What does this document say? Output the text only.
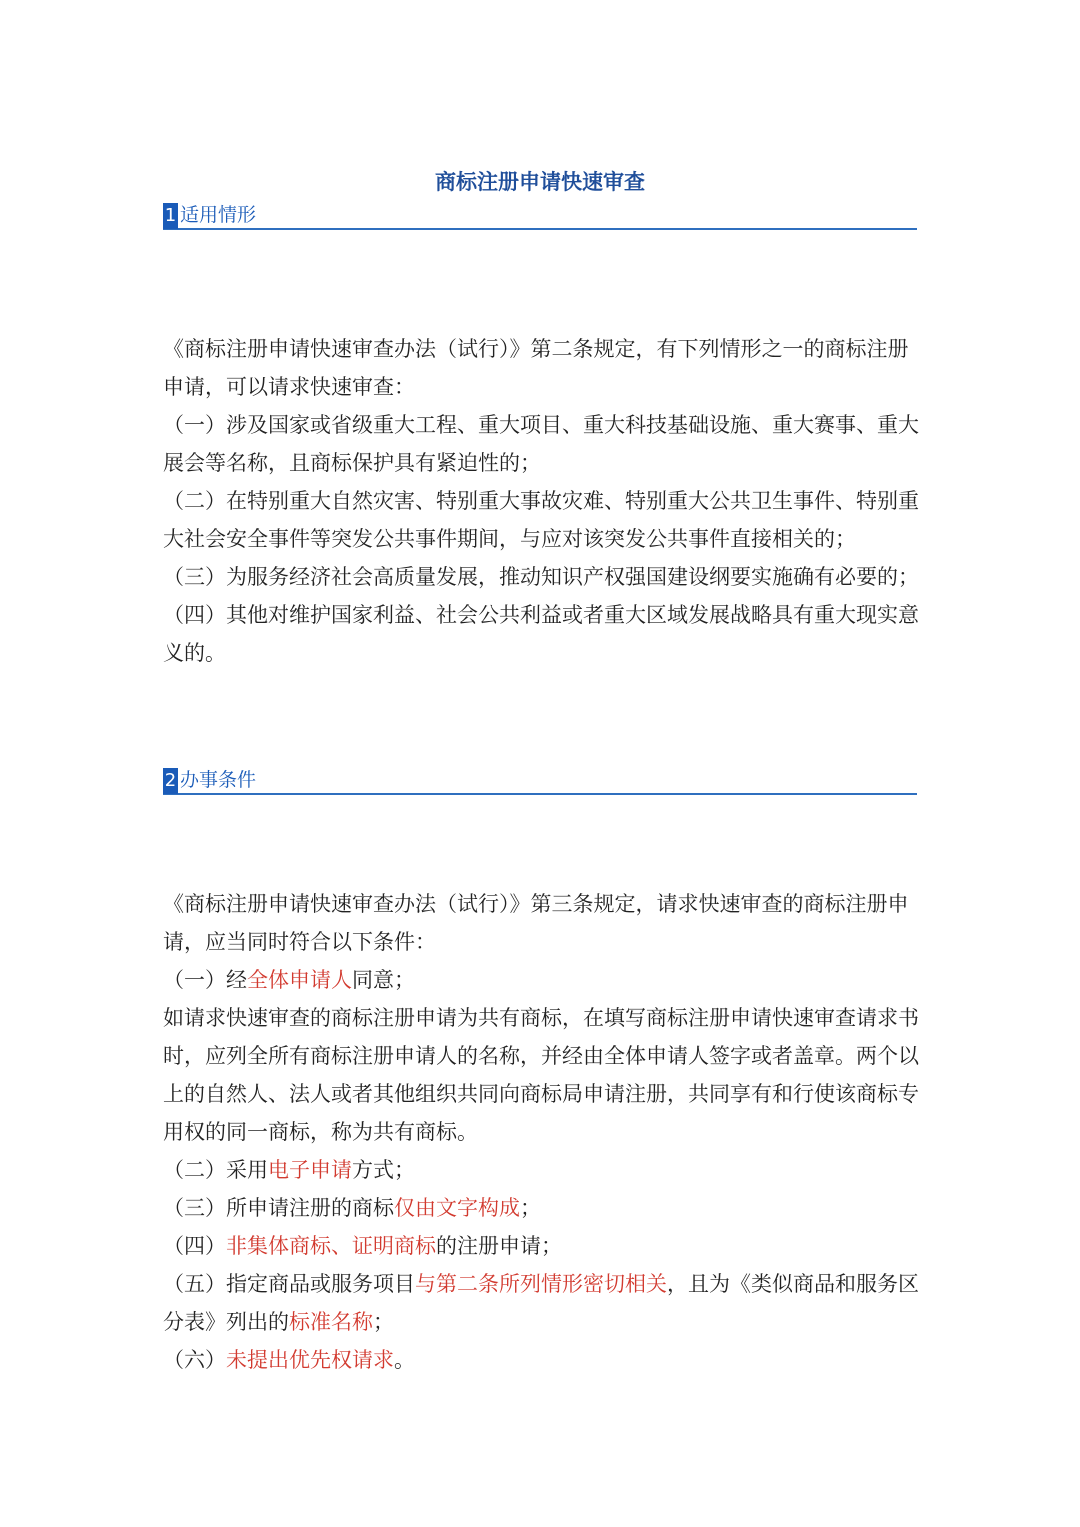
商标注册申请快速审查
1 适用情形

《商标注册申请快速审查办法（试行）》第二条规定，有下列情形之一的商标注册申请，可以请求快速审查：

（一）涉及国家或省级重大工程、重大项目、重大科技基础设施、重大赛事、重大展会等名称，且商标保护具有紧迫性的；

（二）在特别重大自然灾害、特别重大事故灾难、特别重大公共卫生事件、特别重大社会安全事件等突发公共事件期间，与应对该突发公共事件直接相关的；

（三）为服务经济社会高质量发展，推动知识产权强国建设纲要实施确有必要的；

（四）其他对维护国家利益、社会公共利益或者重大区域发展战略具有重大现实意义的。

2 办事条件

《商标注册申请快速审查办法（试行）》第三条规定，请求快速审查的商标注册申请，应当同时符合以下条件：

（一）经全体申请人同意；

如请求快速审查的商标注册申请为共有商标，在填写商标注册申请快速审查请求书时，应列全所有商标注册申请人的名称，并经由全体申请人签字或者盖章。两个以上的自然人、法人或者其他组织共同向商标局申请注册，共同享有和行使该商标专用权的同一商标，称为共有商标。

（二）采用电子申请方式；

（三）所申请注册的商标仅由文字构成；

（四）非集体商标、证明商标的注册申请；

（五）指定商品或服务项目与第二条所列情形密切相关，且为《类似商品和服务区分表》列出的标准名称；

（六）未提出优先权请求。
